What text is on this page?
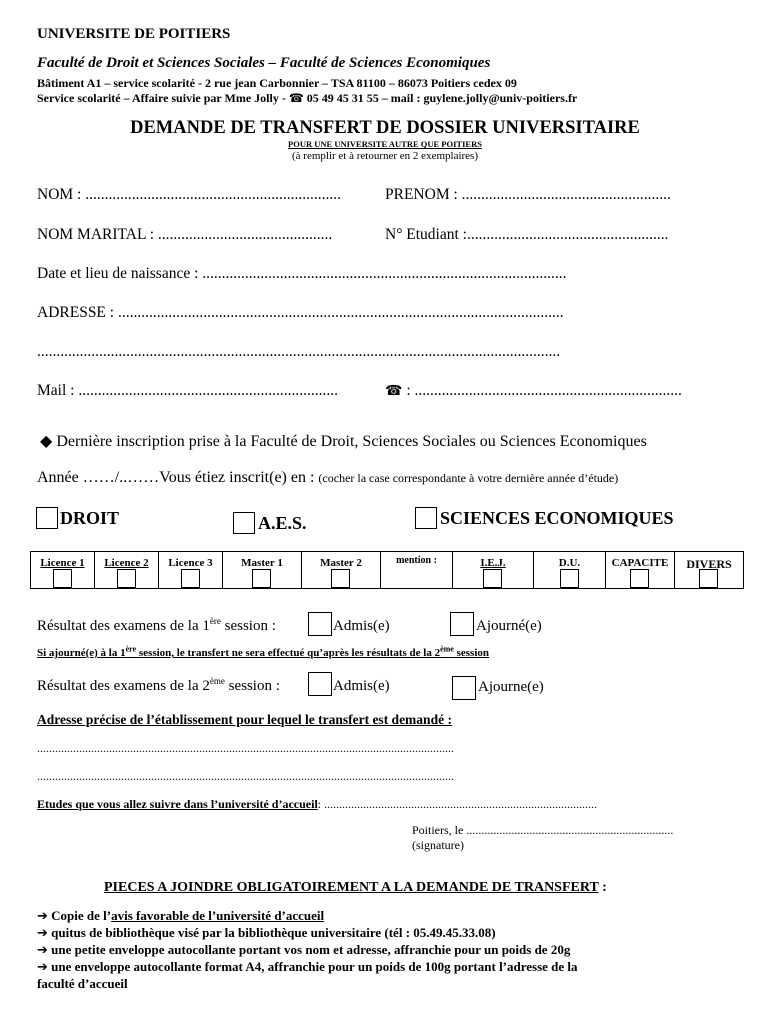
UNIVERSITE DE POITIERS
Faculté de Droit et Sciences Sociales – Faculté de Sciences Economiques
Bâtiment A1 – service scolarité - 2 rue jean Carbonnier – TSA 81100 – 86073 Poitiers cedex 09
Service scolarité – Affaire suivie par Mme Jolly - ☎ 05 49 45 31 55 – mail : guylene.jolly@univ-poitiers.fr
DEMANDE DE TRANSFERT DE DOSSIER UNIVERSITAIRE
POUR UNE UNIVERSITE AUTRE QUE POITIERS
(à remplir et à retourner en 2 exemplaires)
NOM : ..................................................................	PRENOM : ......................................................
NOM MARITAL : .............................................	N° Etudiant :....................................................
Date et lieu de naissance : ..............................................................................................
ADRESSE : ...................................................................................................................
.......................................................................................................................................
Mail : ...................................................................	☎ : .....................................................................
◆ Dernière inscription prise à la Faculté de Droit, Sciences Sociales ou Sciences Economiques
Année ……/..……Vous étiez inscrit(e) en : (cocher la case correspondante à votre dernière année d’étude)
DROIT	A.E.S.	SCIENCES ECONOMIQUES
Licence 1	Licence 2	Licence 3	Master 1	Master 2	mention :	I.E.J.	D.U.	CAPACITE	DIVERS
Résultat des examens de la 1ère session :	Admis(e)	Ajourné(e)
Si ajourné(e) à la 1ère session, le transfert ne sera effectué qu’après les résultats de la 2ème session
Résultat des examens de la 2ème session :	Admis(e)	Ajourne(e)
Adresse précise de l’établissement pour lequel le transfert est demandé :
...........................................................................................................................................
...........................................................................................................................................
Etudes que vous allez suivre dans l’université d’accueil: ...........................................................................................
Poitiers, le .....................................................................
(signature)
PIECES A JOINDRE OBLIGATOIREMENT A LA DEMANDE DE TRANSFERT :
➔ Copie de l’avis favorable de l’université d’accueil
➔ quitus de bibliothèque visé par la bibliothèque universitaire (tél : 05.49.45.33.08)
➔ une petite enveloppe autocollante portant vos nom et adresse, affranchie pour un poids de 20g
➔ une enveloppe autocollante format A4, affranchie pour un poids de 100g portant l’adresse de la
faculté d’accueil
